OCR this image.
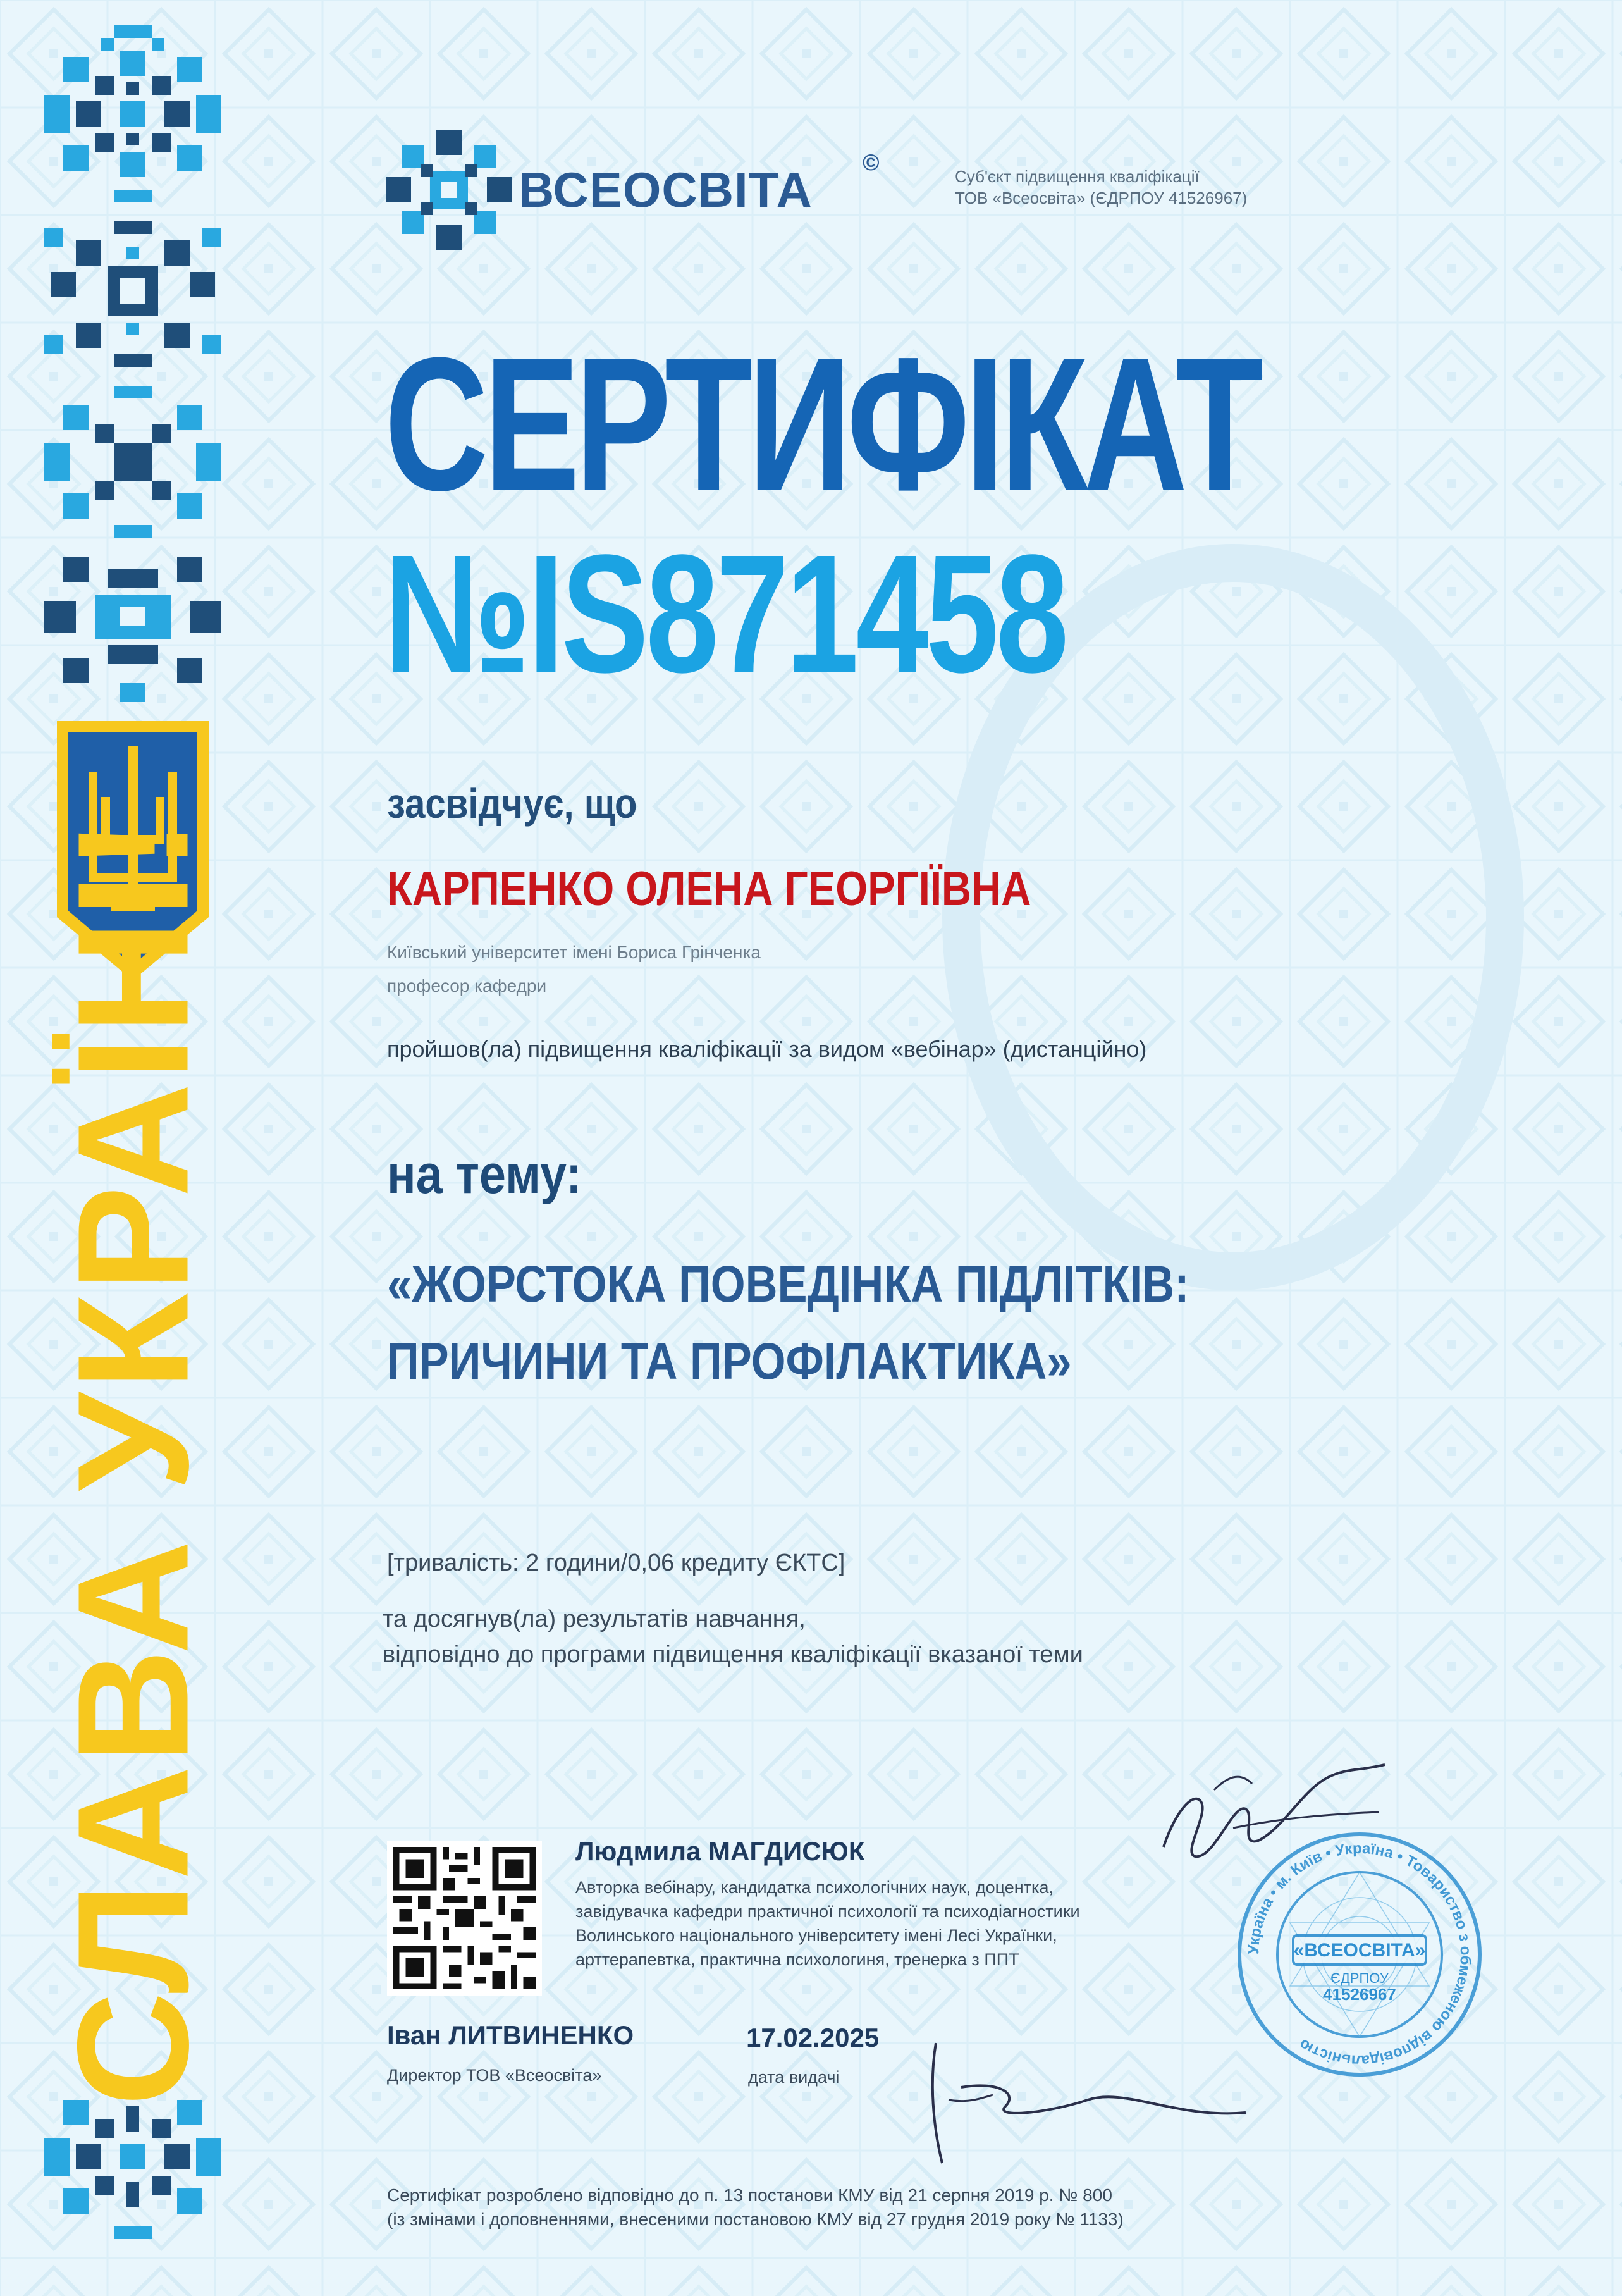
СЛАВА УКРАЇНІ!
ВСЕОСВІТА ©
Суб'єкт підвищення кваліфікації
ТОВ «Всеосвіта» (ЄДРПОУ 41526967)
СЕРТИФІКАТ
№IS871458
засвідчує, що
КАРПЕНКО ОЛЕНА ГЕОРГІЇВНА
Київський університет імені Бориса Грінченка
професор кафедри
пройшов(ла) підвищення кваліфікації за видом «вебінар» (дистанційно)
на тему:
«ЖОРСТОКА ПОВЕДІНКА ПІДЛІТКІВ:
ПРИЧИНИ ТА ПРОФІЛАКТИКА»
[тривалість: 2 години/0,06 кредиту ЄКТС]
та досягнув(ла) результатів навчання,
відповідно до програми підвищення кваліфікації вказаної теми
Людмила МАГДИСЮК
Авторка вебінару, кандидатка психологічних наук, доцентка,
завідувачка кафедри практичної психології та психодіагностики
Волинського національного університету імені Лесі Українки,
арттерапевтка, практична психологиня, тренерка з ППТ
Іван ЛИТВИНЕНКО
Директор ТОВ «Всеосвіта»
17.02.2025
дата видачі
Україна • м. Київ • Україна • Товариство з обмеженою відповідальністю
«ВСЕОСВІТА»
ЄДРПОУ
41526967
Сертифікат розроблено відповідно до п. 13 постанови КМУ від 21 серпня 2019 р. № 800
(із змінами і доповненнями, внесеними постановою КМУ від 27 грудня 2019 року № 1133)
